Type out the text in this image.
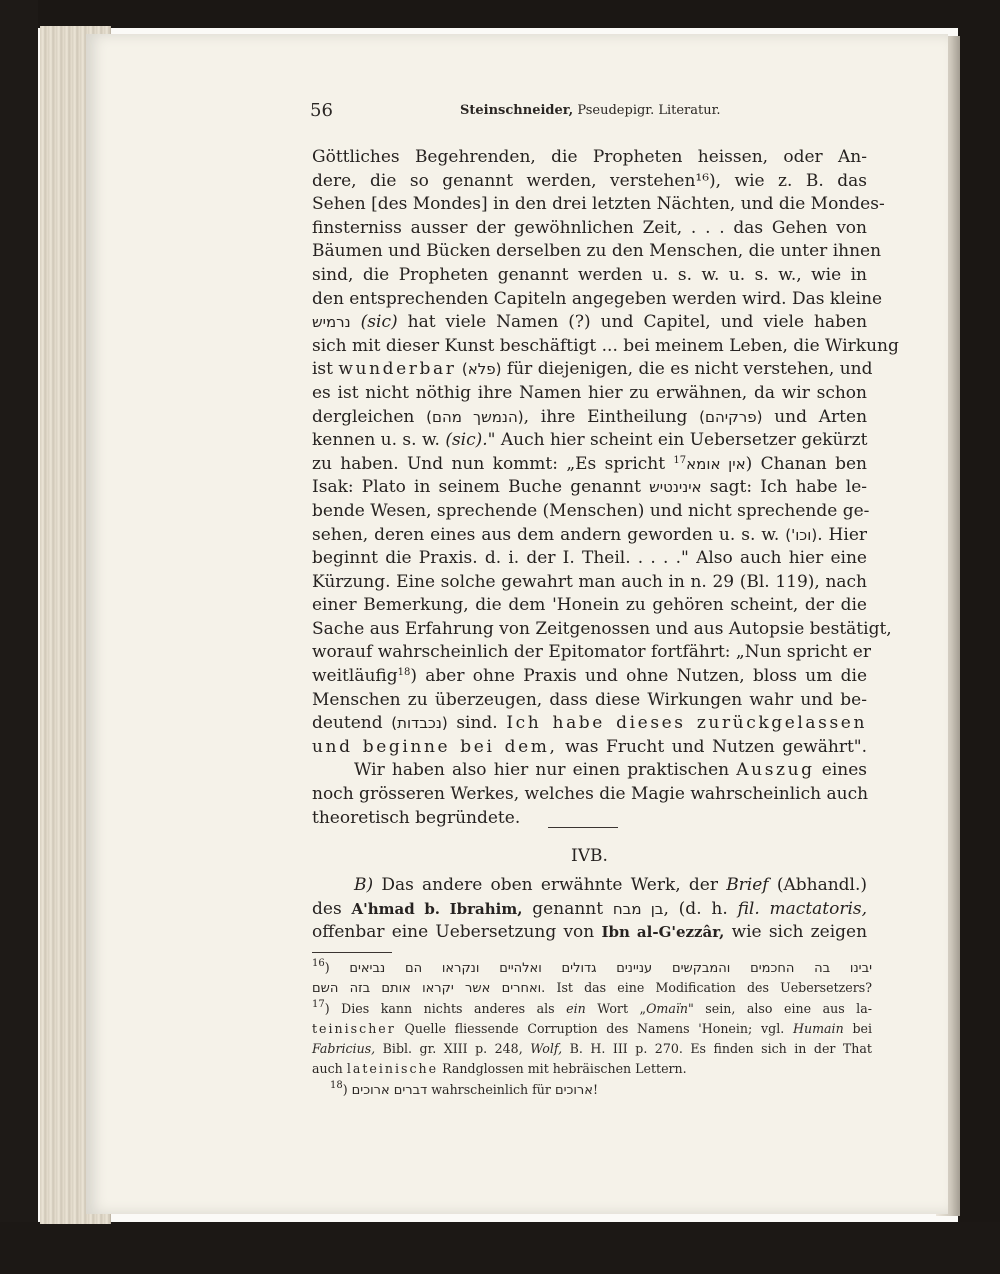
56	Steinschneider, Pseudepigr. Literatur.
Göttliches Begehrenden, die Propheten heissen, oder An-
dere, die so genannt werden, verstehen¹⁶), wie z. B. das
Sehen [des Mondes] in den drei letzten Nächten, und die Mondes-
finsterniss ausser der gewöhnlichen Zeit, . . . das Gehen von
Bäumen und Bücken derselben zu den Menschen, die unter ihnen
sind, die Propheten genannt werden u. s. w. u. s. w., wie in
den entsprechenden Capiteln angegeben werden wird. Das kleine
נרמיש (sic) hat viele Namen (?) und Capitel, und viele haben
sich mit dieser Kunst beschäftigt ... bei meinem Leben, die Wirkung
ist wunderbar (פלא) für diejenigen, die es nicht verstehen, und
es ist nicht nöthig ihre Namen hier zu erwähnen, da wir schon
dergleichen (הנמשך מהם), ihre Eintheilung (פרקיהם) und Arten
kennen u. s. w. (sic)." Auch hier scheint ein Uebersetzer gekürzt
zu haben. Und nun kommt: „Es spricht אין אומא$^{17}$	) Chanan ben
Isak: Plato in seinem Buche genannt אינינטיש sagt: Ich habe le-
bende Wesen, sprechende (Menschen) und nicht sprechende ge-
sehen, deren eines aus dem andern geworden u. s. w. ('וכו). Hier
beginnt die Praxis. d. i. der I. Theil. . . . ." Also auch hier eine
Kürzung. Eine solche gewahrt man auch in n. 29 (Bl. 119), nach
einer Bemerkung, die dem 'Honein zu gehören scheint, der die
Sache aus Erfahrung von Zeitgenossen und aus Autopsie bestätigt,
worauf wahrscheinlich der Epitomator fortfährt: „Nun spricht er
weitläufig$^{18}$) aber ohne Praxis und ohne Nutzen, bloss um die
Menschen zu überzeugen, dass diese Wirkungen wahr und be-
deutend (נכבדות) sind. Ich habe dieses zurückgelassen
und beginne bei dem, was Frucht und Nutzen gewährt".
Wir haben also hier nur einen praktischen Auszug eines
noch grösseren Werkes, welches die Magie wahrscheinlich auch
theoretisch begründete.
IVB.
B) Das andere oben erwähnte Werk, der Brief (Abhandl.)
des A'hmad b. Ibrahim, genannt בן מבח, (d. h. fil. mactatoris,
offenbar eine Uebersetzung von Ibn al-G'ezzâr, wie sich zeigen
$^{16}$) יבינו בה החכמים והמבקשים עניינים גדולים ואלהיים ונקראו הם נביאים
ואחרים אשר יקראו אותם בזה השם. Ist das eine Modification des Uebersetzers?
$^{17}$) Dies kann nichts anderes als ein Wort „Omaïn" sein, also eine aus la-
teinischer Quelle fliessende Corruption des Namens 'Honein; vgl. Humain bei
Fabricius, Bibl. gr. XIII p. 248, Wolf, B. H. III p. 270. Es finden sich in der That
auch lateinische Randglossen mit hebräischen Lettern.
$^{18}$) דברים ארוכים wahrscheinlich für ארוכים!
